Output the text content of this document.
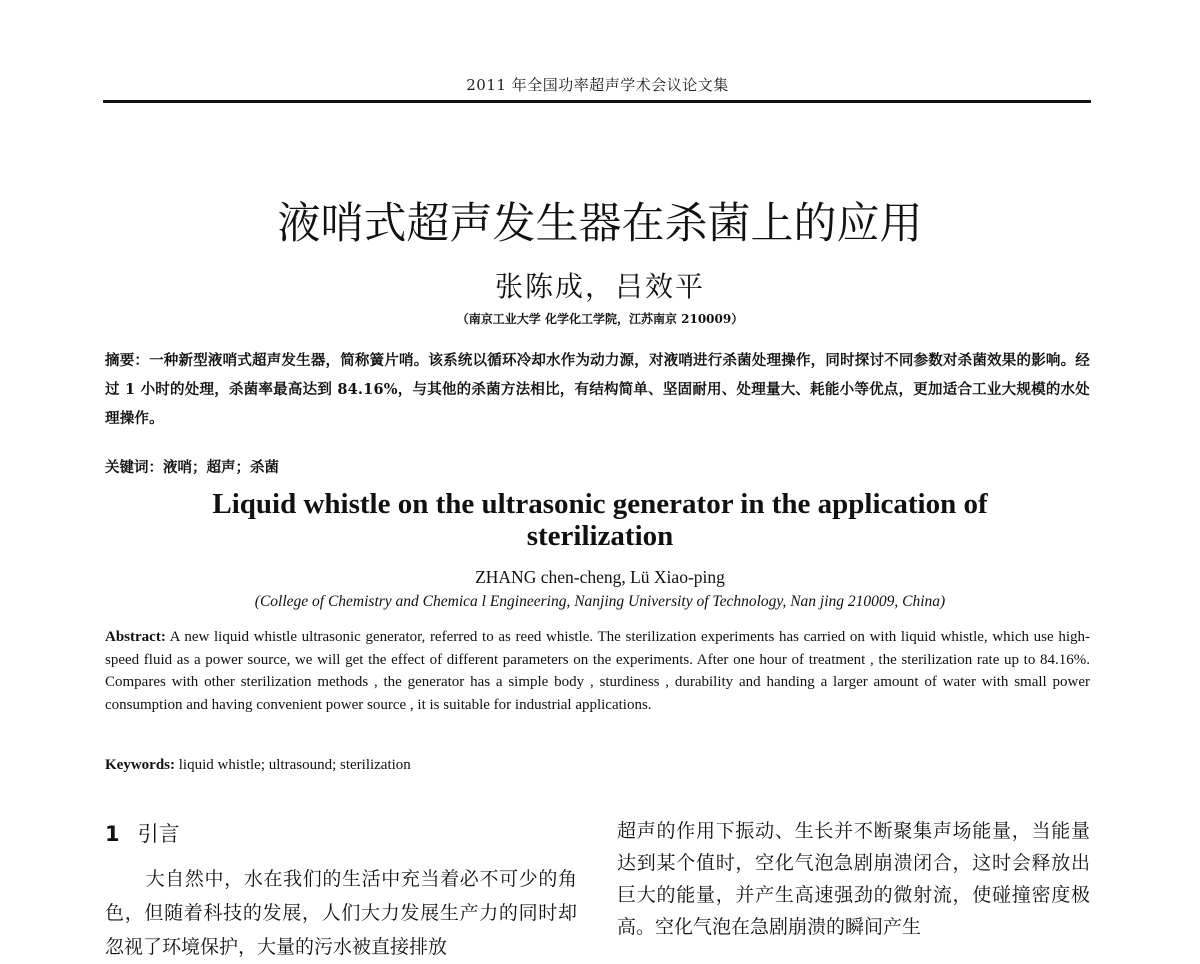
2011 年全国功率超声学术会议论文集
液哨式超声发生器在杀菌上的应用
张陈成，吕效平
（南京工业大学 化学化工学院，江苏南京 210009）
摘要：一种新型液哨式超声发生器，简称簧片哨。该系统以循环冷却水作为动力源，对液哨进行杀菌处理操作，同时探讨不同参数对杀菌效果的影响。经过 1 小时的处理，杀菌率最高达到 84.16%，与其他的杀菌方法相比，有结构简单、坚固耐用、处理量大、耗能小等优点，更加适合工业大规模的水处理操作。
关键词：液哨；超声；杀菌
Liquid whistle on the ultrasonic generator in the application of sterilization
ZHANG chen-cheng, Lü Xiao-ping
(College of Chemistry and Chemica l Engineering, Nanjing University of Technology, Nan jing 210009, China)
Abstract: A new liquid whistle ultrasonic generator, referred to as reed whistle. The sterilization experiments has carried on with liquid whistle, which use high-speed fluid as a power source, we will get the effect of different parameters on the experiments. After one hour of treatment , the sterilization rate up to 84.16%. Compares with other sterilization methods , the generator has a simple body , sturdiness , durability and handing a larger amount of water with small power consumption and having convenient power source , it is suitable for industrial applications.
Keywords: liquid whistle; ultrasound; sterilization
1 引言
大自然中，水在我们的生活中充当着必不可少的角色，但随着科技的发展，人们大力发展生产力的同时却忽视了环境保护，大量的污水被直接排放
超声的作用下振动、生长并不断聚集声场能量，当能量达到某个值时，空化气泡急剧崩溃闭合，这时会释放出巨大的能量，并产生高速强劲的微射流，使碰撞密度极高。空化气泡在急剧崩溃的瞬间产生
